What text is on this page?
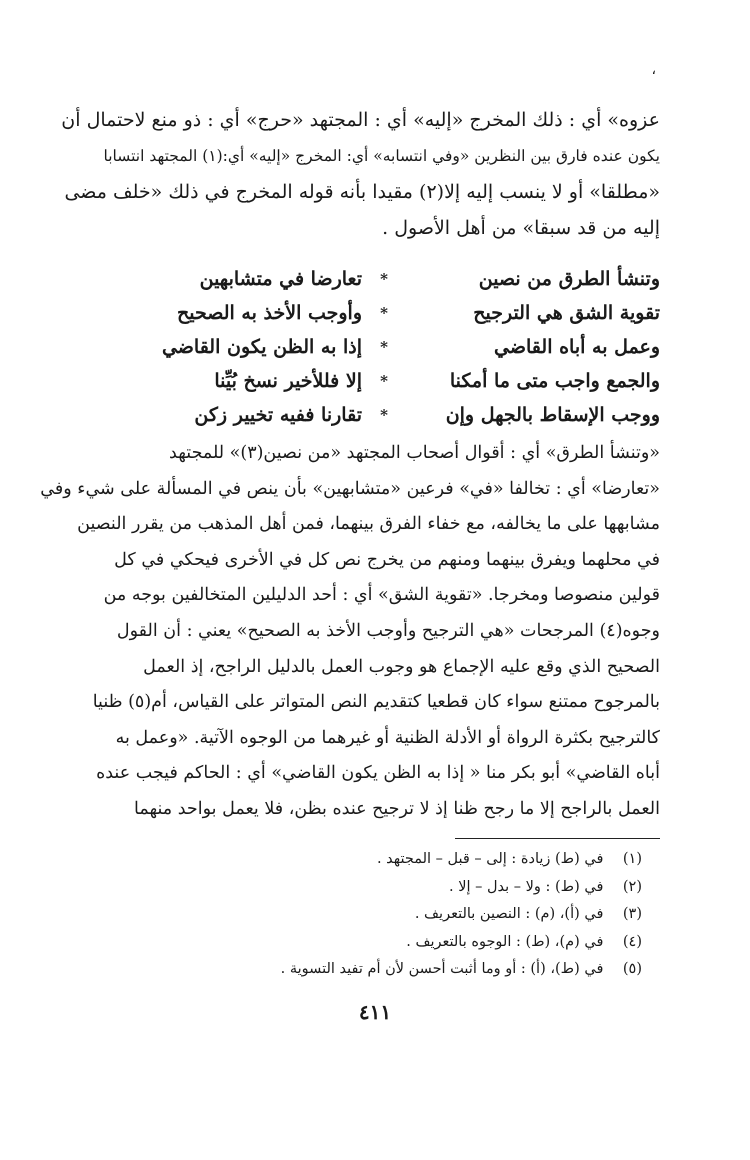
،
عزوه» أي : ذلك المخرج «إليه» أي : المجتهد «حرج» أي : ذو منع لاحتمال أن
يكون عنده فارق بين النظرين «وفي انتسابه» أي: المخرج «إليه» أي:(١) المجتهد انتسابا
«مطلقا» أو لا ينسب إليه إلا(٢) مقيدا بأنه قوله المخرج في ذلك «خلف مضى
إليه من قد سبقا» من أهل الأصول .
وتنشأ الطرق من نصين
*
تعارضا في متشابهين
تقوية الشق هي الترجيح
*
وأوجب الأخذ به الصحيح
وعمل به أباه القاضي
*
إذا به الظن يكون القاضي
والجمع واجب متى ما أمكنا
*
إلا فللأخير نسخ بُيِّنا
ووجب الإسقاط بالجهل وإن
*
تقارنا ففيه تخيير زكن
«وتنشأ الطرق» أي : أقوال أصحاب المجتهد «من نصين(٣)» للمجتهد
«تعارضا» أي : تخالفا «في» فرعين «متشابهين» بأن ينص في المسألة على شيء وفي
مشابهها على ما يخالفه، مع خفاء الفرق بينهما، فمن أهل المذهب من يقرر النصين
في محلهما ويفرق بينهما ومنهم من يخرج نص كل في الأخرى فيحكي في كل
قولين منصوصا ومخرجا. «تقوية الشق» أي : أحد الدليلين المتخالفين بوجه من
وجوه(٤) المرجحات «هي الترجيح وأوجب الأخذ به الصحيح» يعني : أن القول
الصحيح الذي وقع عليه الإجماع هو وجوب العمل بالدليل الراجح، إذ العمل
بالمرجوح ممتنع سواء كان قطعيا كتقديم النص المتواتر على القياس، أم(٥) ظنيا
كالترجيح بكثرة الرواة أو الأدلة الظنية أو غيرهما من الوجوه الآتية. «وعمل به
أباه القاضي» أبو بكر منا « إذا به الظن يكون القاضي» أي : الحاكم فيجب عنده
العمل بالراجح إلا ما رجح ظنا إذ لا ترجيح عنده بظن، فلا يعمل بواحد منهما
(١) في (ط) زيادة : إلى – قبل – المجتهد .
(٢) في (ط) : ولا – بدل – إلا .
(٣) في (أ)، (م) : النصين بالتعريف .
(٤) في (م)، (ط) : الوجوه بالتعريف .
(٥) في (ط)، (أ) : أو وما أثبت أحسن لأن أم تفيد التسوية .
٤١١
